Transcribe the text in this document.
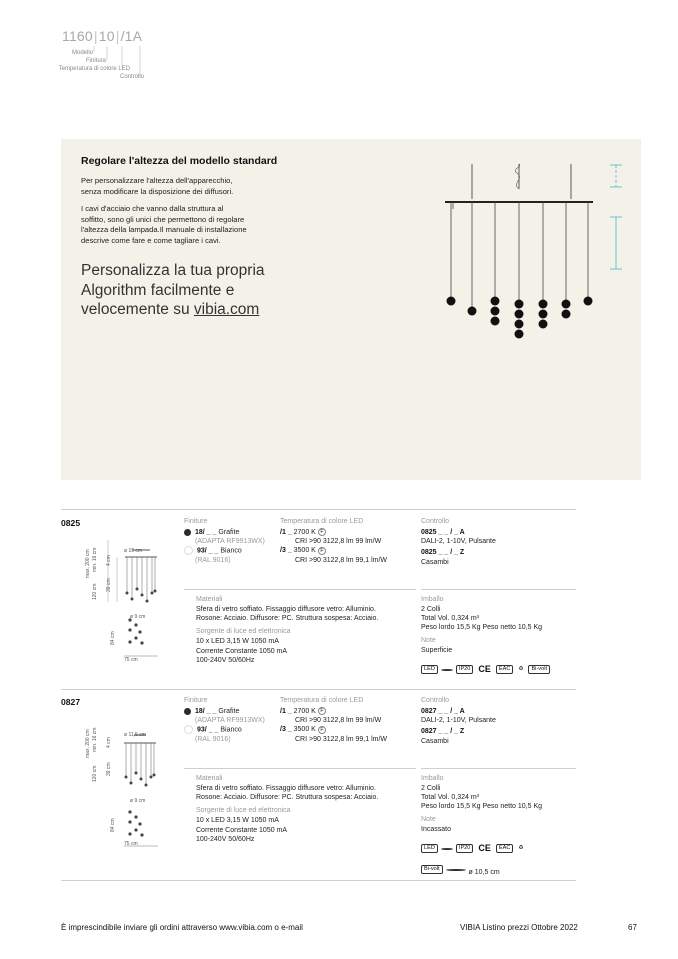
1160|10|/1A
Modello
Finitura
Temperatura di colore LED
Controllo
Regolare l'altezza del modello standard

Per personalizzare l'altezza dell'apparecchio,
senza modificare la disposizione dei diffusori.

I cavi d'acciaio che vanno dalla struttura al
soffitto, sono gli unici che permettono di regolare
l'altezza della lampada.Il manuale di installazione
descrive come fare e come tagliare i cavi.

Personalizza la tua propria
Algorithm facilmente e
velocemente su vibia.com
0825
ø 19 cm
max. 200 cm min. 16 cm 4 cm
120 cm 39 cm
ø 9 cm
84 cm
75 cm
Finiture
18/ _ _ Grafite
(ADAPTA RF9913WX)
93/ _ _ Bianco
(RAL 9016)
Temperatura di colore LED
/1 _ 2700 K F
CRI >90 3122,8 lm 99 lm/W
/3 _ 3500 K F
CRI >90 3122,8 lm 99,1 lm/W
Controllo
0825 _ _ / _ A
DALI-2, 1-10V, Pulsante
0825 _ _ / _ Z
Casambi
Materiali
Sfera di vetro soffiato. Fissaggio diffusore vetro: Alluminio.
Rosone: Acciaio. Diffusore: PC. Struttura sospesa: Acciaio.
Sorgente di luce ed elettronica
10 x LED 3,15 W 1050 mA
Corrente Constante 1050 mA
100-240V 50/60Hz
Imballo
2 Colli
Total Vol. 0,324 m³
Peso lordo 15,5 Kg Peso netto 10,5 Kg
Note
Superficie
LED	IP20 CE EAC ♻ Bi-volt
0827
ø 11,5 cm
max. 200 cm min. 16 cm 4 cm
120 cm 39 cm
ø 9 cm
84 cm
75 cm
Finiture
18/ _ _ Grafite
(ADAPTA RF9913WX)
93/ _ _ Bianco
(RAL 9016)
Temperatura di colore LED
/1 _ 2700 K F
CRI >90 3122,8 lm 99 lm/W
/3 _ 3500 K F
CRI >90 3122,8 lm 99,1 lm/W
Controllo
0827 _ _ / _ A
DALI-2, 1-10V, Pulsante
0827 _ _ / _ Z
Casambi
Materiali
Sfera di vetro soffiato. Fissaggio diffusore vetro: Alluminio.
Rosone: Acciaio. Diffusore: PC. Struttura sospesa: Acciaio.
Sorgente di luce ed elettronica
10 x LED 3,15 W 1050 mA
Corrente Constante 1050 mA
100-240V 50/60Hz
Imballo
2 Colli
Total Vol. 0,324 m³
Peso lordo 15,5 Kg Peso netto 10,5 Kg
Note
Incassato
LED	IP20 CE EAC ♻
Bi-volt	ø 10,5 cm
È imprescindibile inviare gli ordini attraverso www.vibia.com o e-mail	VIBIA Listino prezzi Ottobre 2022	67
